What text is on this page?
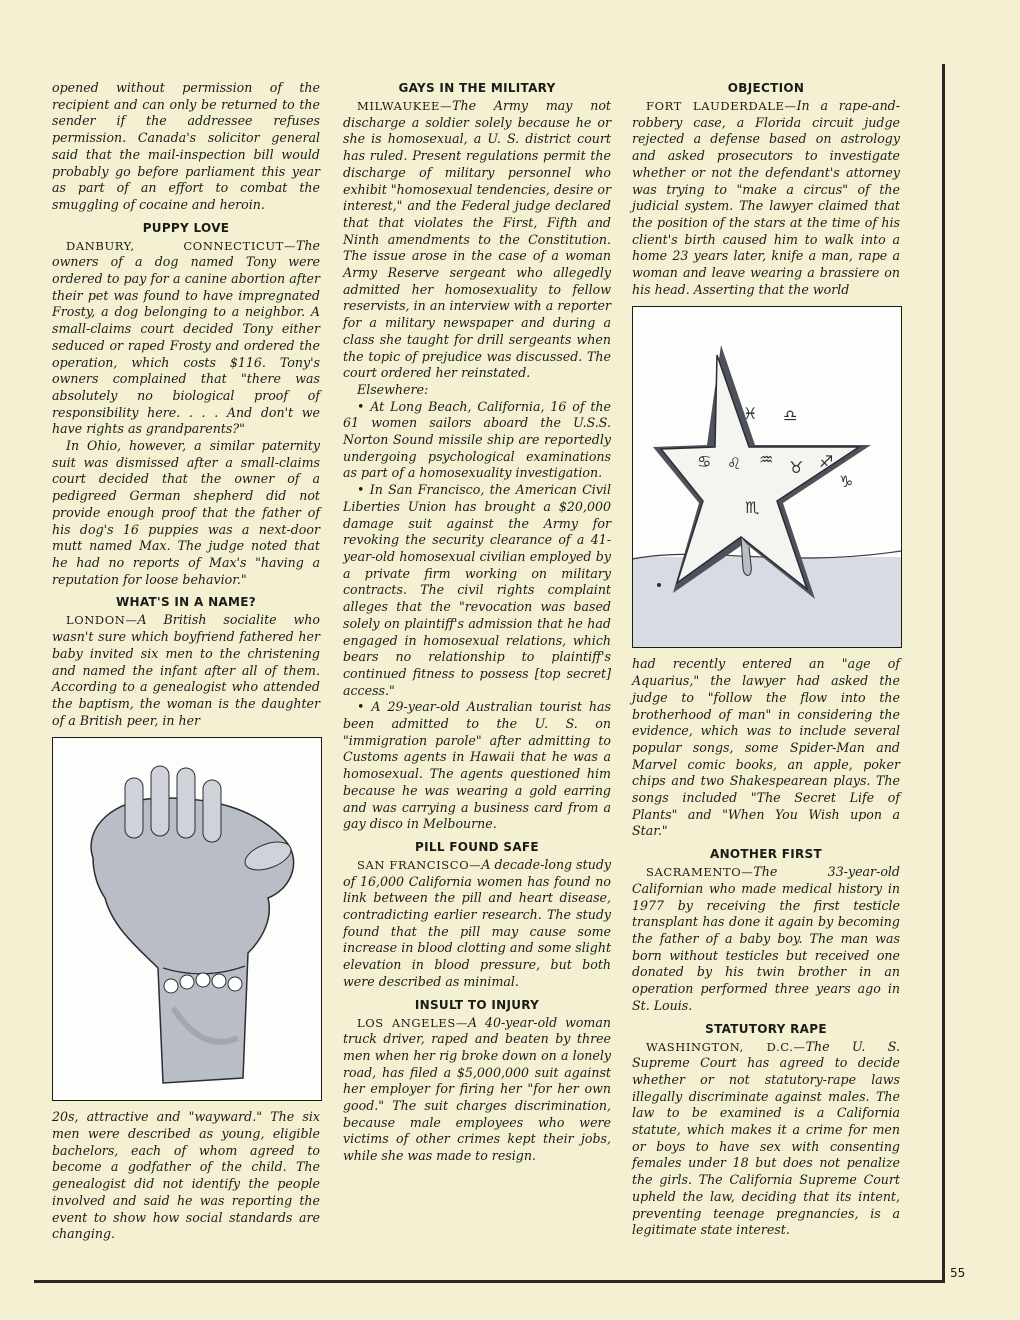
opened without permission of the recipient and can only be returned to the sender if the addressee refuses permission. Canada's solicitor general said that the mail-inspection bill would probably go before parliament this year as part of an effort to combat the smuggling of cocaine and heroin.

PUPPY LOVE

DANBURY, CONNECTICUT—The owners of a dog named Tony were ordered to pay for a canine abortion after their pet was found to have impregnated Frosty, a dog belonging to a neighbor. A small-claims court decided Tony either seduced or raped Frosty and ordered the operation, which costs $116. Tony's owners complained that "there was absolutely no biological proof of responsibility here. . . . And don't we have rights as grandparents?"

In Ohio, however, a similar paternity suit was dismissed after a small-claims court decided that the owner of a pedigreed German shepherd did not provide enough proof that the father of his dog's 16 puppies was a next-door mutt named Max. The judge noted that he had no reports of Max's "having a reputation for loose behavior."

WHAT'S IN A NAME?

LONDON—A British socialite who wasn't sure which boyfriend fathered her baby invited six men to the christening and named the infant after all of them. According to a genealogist who attended the baptism, the woman is the daughter of a British peer, in her

20s, attractive and "wayward." The six men were described as young, eligible bachelors, each of whom agreed to become a godfather of the child. The genealogist did not identify the people involved and said he was reporting the event to show how social standards are changing.

GAYS IN THE MILITARY

MILWAUKEE—The Army may not discharge a soldier solely because he or she is homosexual, a U. S. district court has ruled. Present regulations permit the discharge of military personnel who exhibit "homosexual tendencies, desire or interest," and the Federal judge declared that that violates the First, Fifth and Ninth amendments to the Constitution. The issue arose in the case of a woman Army Reserve sergeant who allegedly admitted her homosexuality to fellow reservists, in an interview with a reporter for a military newspaper and during a class she taught for drill sergeants when the topic of prejudice was discussed. The court ordered her reinstated.

Elsewhere:

• At Long Beach, California, 16 of the 61 women sailors aboard the U.S.S. Norton Sound missile ship are reportedly undergoing psychological examinations as part of a homosexuality investigation.

• In San Francisco, the American Civil Liberties Union has brought a $20,000 damage suit against the Army for revoking the security clearance of a 41-year-old homosexual civilian employed by a private firm working on military contracts. The civil rights complaint alleges that the "revocation was based solely on plaintiff's admission that he had engaged in homosexual relations, which bears no relationship to plaintiff's continued fitness to possess [top secret] access."

• A 29-year-old Australian tourist has been admitted to the U. S. on "immigration parole" after admitting to Customs agents in Hawaii that he was a homosexual. The agents questioned him because he was wearing a gold earring and was carrying a business card from a gay disco in Melbourne.

PILL FOUND SAFE

SAN FRANCISCO—A decade-long study of 16,000 California women has found no link between the pill and heart disease, contradicting earlier research. The study found that the pill may cause some increase in blood clotting and some slight elevation in blood pressure, but both were described as minimal.

INSULT TO INJURY

LOS ANGELES—A 40-year-old woman truck driver, raped and beaten by three men when her rig broke down on a lonely road, has filed a $5,000,000 suit against her employer for firing her "for her own good." The suit charges discrimination, because male employees who were victims of other crimes kept their jobs, while she was made to resign.

OBJECTION

FORT LAUDERDALE—In a rape-and-robbery case, a Florida circuit judge rejected a defense based on astrology and asked prosecutors to investigate whether or not the defendant's attorney was trying to "make a circus" of the judicial system. The lawyer claimed that the position of the stars at the time of his client's birth caused him to walk into a home 23 years later, knife a man, rape a woman and leave wearing a brassiere on his head. Asserting that the world

♓ ♎
♋ ♌ ♒ ♉ ♐
♑
♏

had recently entered an "age of Aquarius," the lawyer had asked the judge to "follow the flow into the brotherhood of man" in considering the evidence, which was to include several popular songs, some Spider-Man and Marvel comic books, an apple, poker chips and two Shakespearean plays. The songs included "The Secret Life of Plants" and "When You Wish upon a Star."

ANOTHER FIRST

SACRAMENTO—The 33-year-old Californian who made medical history in 1977 by receiving the first testicle transplant has done it again by becoming the father of a baby boy. The man was born without testicles but received one donated by his twin brother in an operation performed three years ago in St. Louis.

STATUTORY RAPE

WASHINGTON, D.C.—The U. S. Supreme Court has agreed to decide whether or not statutory-rape laws illegally discriminate against males. The law to be examined is a California statute, which makes it a crime for men or boys to have sex with consenting females under 18 but does not penalize the girls. The California Supreme Court upheld the law, deciding that its intent, preventing teenage pregnancies, is a legitimate state interest.

55
